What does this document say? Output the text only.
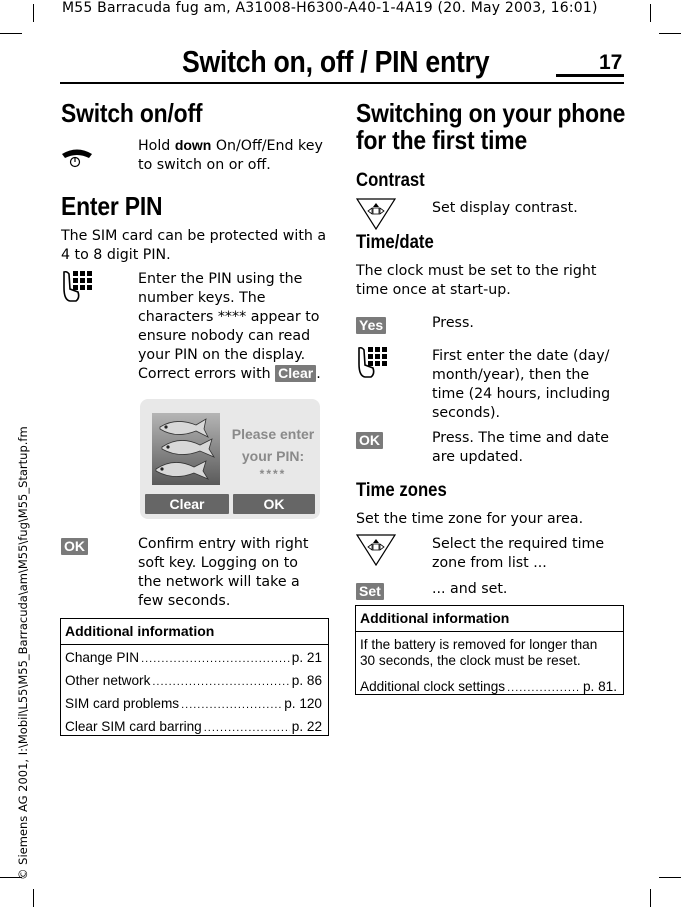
M55 Barracuda fug am, A31008-H6300-A40-1-4A19 (20. May 2003, 16:01)
© Siemens AG 2001, I:\Mobil\L55\M55_Barracuda\am\M55\fug\M55_Startup.fm
Switch on, off / PIN entry	17
Switch on/off
Hold down On/Off/End key to switch on or off.
Enter PIN
The SIM card can be protected with a 4 to 8 digit PIN.
Enter the PIN using the number keys. The characters **** appear to ensure nobody can read your PIN on the display. Correct errors with Clear .
Please enter
your PIN:
****
Clear	OK
OK	Confirm entry with right soft key. Logging on to the network will take a few seconds.
Additional information
Change PIN .....	p. 21
Other network .....	p. 86
SIM card problems .....	p. 120
Clear SIM card barring .....	p. 22
Switching on your phone
for the first time
Contrast
Set display contrast.
Time/date
The clock must be set to the right time once at start-up.
Yes	Press.
First enter the date (day/ month/year), then the time (24 hours, including seconds).
OK	Press. The time and date are updated.
Time zones
Set the time zone for your area.
Select the required time zone from list ...
Set	... and set.
Additional information
If the battery is removed for longer than 30 seconds, the clock must be reset.
Additional clock settings .....	p. 81.
